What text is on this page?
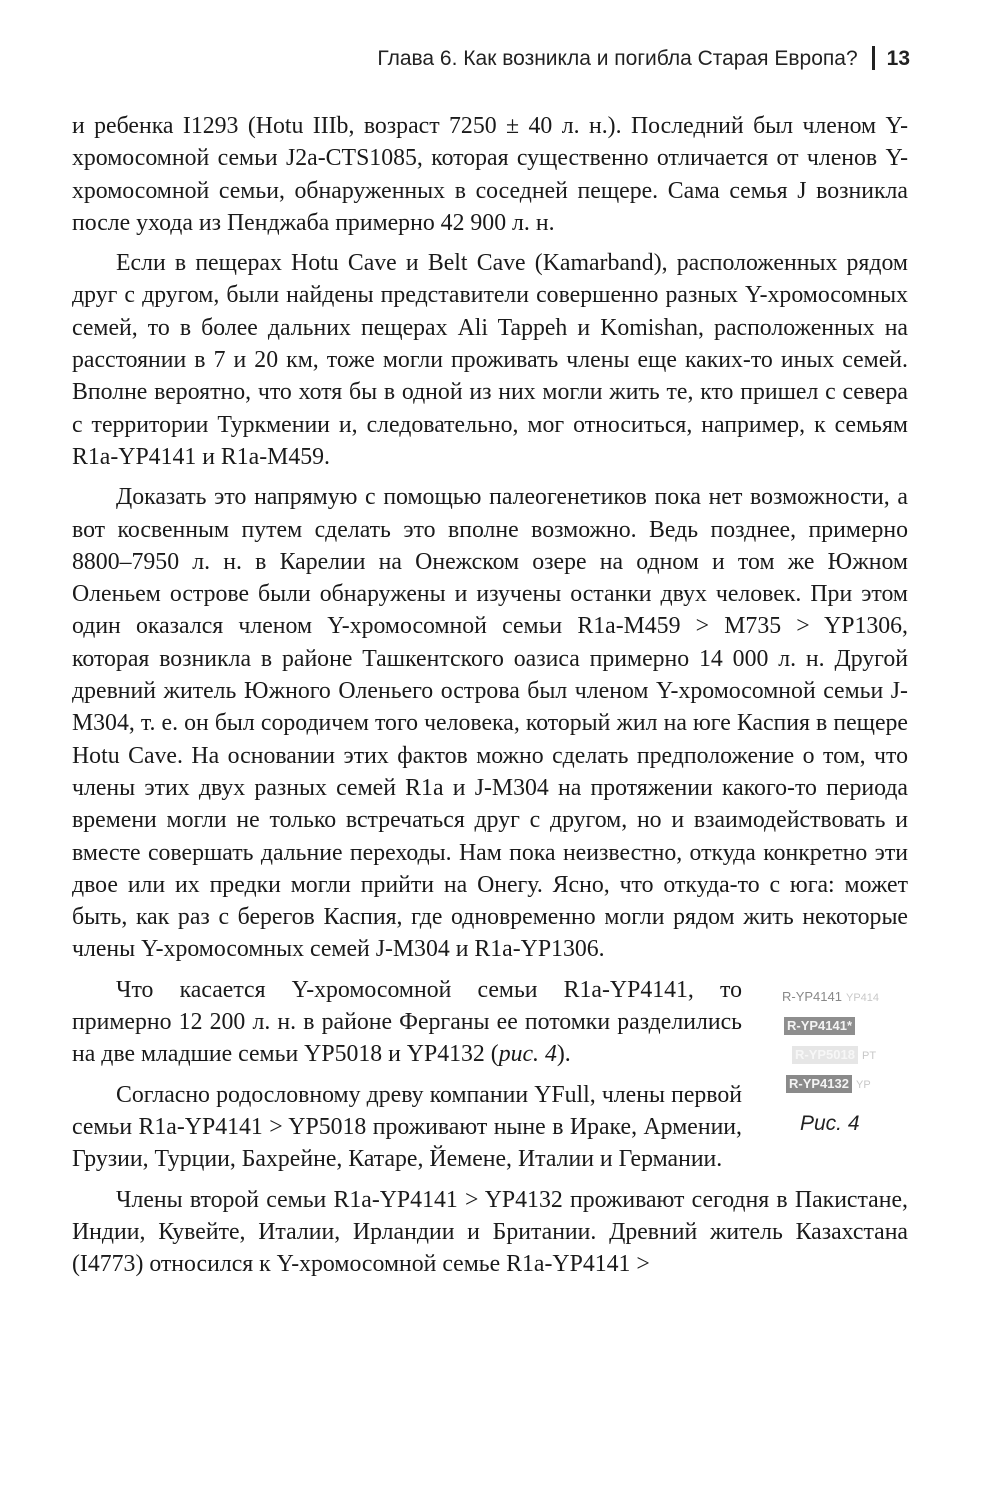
Глава 6. Как возникла и погибла Старая Европа? 13

и ребенка I1293 (Hotu IIIb, возраст 7250 ± 40 л. н.). Последний был членом Y-хромосомной семьи J2a-CTS1085, которая существенно отличается от членов Y-хромосомной семьи, обнаруженных в соседней пещере. Сама семья J возникла после ухода из Пенджаба примерно 42 900 л. н.

Если в пещерах Hotu Cave и Belt Cave (Kamarband), расположенных рядом друг с другом, были найдены представители совершенно разных Y-хромосомных семей, то в более дальних пещерах Ali Tappeh и Komishan, расположенных на расстоянии в 7 и 20 км, тоже могли проживать члены еще каких-то иных семей. Вполне вероятно, что хотя бы в одной из них могли жить те, кто пришел с севера с территории Туркмении и, следовательно, мог относиться, например, к семьям R1a-YP4141 и R1a-M459.

Доказать это напрямую с помощью палеогенетиков пока нет возможности, а вот косвенным путем сделать это вполне возможно. Ведь позднее, примерно 8800–7950 л. н. в Карелии на Онежском озере на одном и том же Южном Оленьем острове были обнаружены и изучены останки двух человек. При этом один оказался членом Y-хромосомной семьи R1a-M459 > M735 > YP1306, которая возникла в районе Ташкентского оазиса примерно 14 000 л. н. Другой древний житель Южного Оленьего острова был членом Y-хромосомной семьи J-M304, т. е. он был сородичем того человека, который жил на юге Каспия в пещере Hotu Cave. На основании этих фактов можно сделать предположение о том, что члены этих двух разных семей R1a и J-M304 на протяжении какого-то периода времени могли не только встречаться друг с другом, но и взаимодействовать и вместе совершать дальние переходы. Нам пока неизвестно, откуда конкретно эти двое или их предки могли прийти на Онегу. Ясно, что откуда-то с юга: может быть, как раз с берегов Каспия, где одновременно могли рядом жить некоторые члены Y-хромосомных семей J-M304 и R1a-YP1306.

R-YP4141 YP414
R-YP4141*
R-YP5018 PT
R-YP4132 YP
Рис. 4

Что касается Y-хромосомной семьи R1a-YP4141, то примерно 12 200 л. н. в районе Ферганы ее потомки разделились на две младшие семьи YP5018 и YP4132 (рис. 4).

Согласно родословному древу компании YFull, члены первой семьи R1a-YP4141 > YP5018 проживают ныне в Ираке, Армении, Грузии, Турции, Бахрейне, Катаре, Йемене, Италии и Германии.

Члены второй семьи R1a-YP4141 > YP4132 проживают сегодня в Пакистане, Индии, Кувейте, Италии, Ирландии и Британии. Древний житель Казахстана (I4773) относился к Y-хромосомной семье R1a-YP4141 >
